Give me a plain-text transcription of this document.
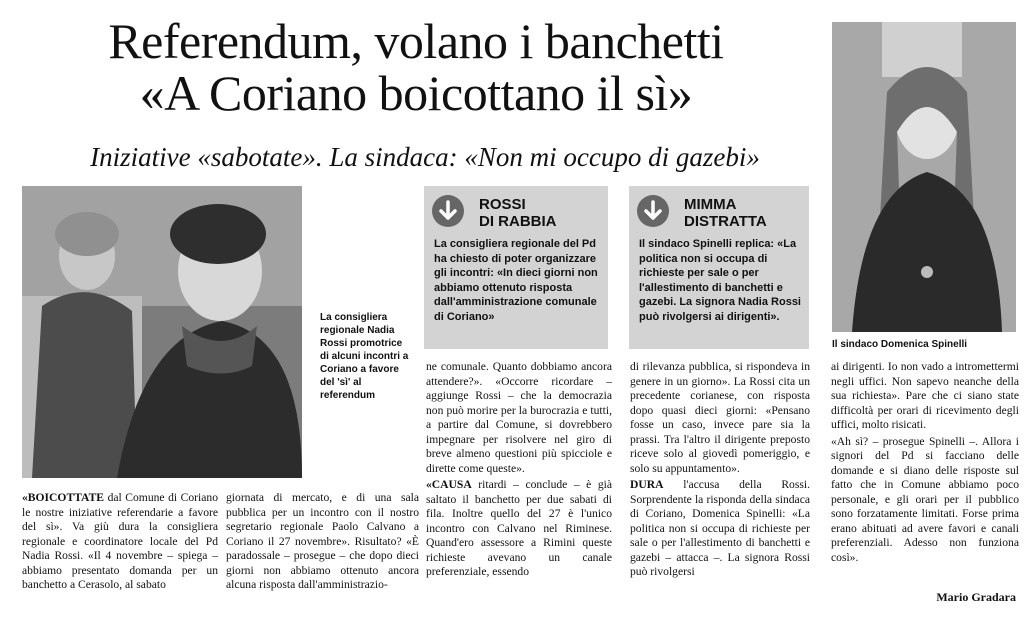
Referendum, volano i banchetti
«A Coriano boicottano il sì»
Iniziative «sabotate». La sindaca: «Non mi occupo di gazebi»
La consigliera regionale Nadia Rossi promotrice di alcuni incontri a Coriano a favore del 'sì' al referendum
Il sindaco Domenica Spinelli
ROSSI
DI RABBIA
La consigliera regionale del Pd ha chiesto di poter organizzare gli incontri: «In dieci giorni non abbiamo ottenuto risposta dall'amministrazione comunale di Coriano»
MIMMA
DISTRATTA
Il sindaco Spinelli replica: «La politica non si occupa di richieste per sale o per l'allestimento di banchetti e gazebi. La signora Nadia Rossi può rivolgersi ai dirigenti».

«BOICOTTATE dal Comune di Coriano le nostre iniziative referendarie a favore del sì». Va giù dura la consigliera regionale e coordinatore locale del Pd Nadia Rossi. «Il 4 novembre – spiega – abbiamo presentato domanda per un banchetto a Cerasolo, al sabato

giornata di mercato, e di una sala pubblica per un incontro con il nostro segretario regionale Paolo Calvano a Coriano il 27 novembre». Risultato? «È paradossale – prosegue – che dopo dieci giorni non abbiamo ottenuto ancora alcuna risposta dall'amministrazio-

ne comunale. Quanto dobbiamo ancora attendere?». «Occorre ricordare – aggiunge Rossi – che la democrazia non può morire per la burocrazia e tutti, a partire dal Comune, si dovrebbero impegnare per risolvere nel giro di breve almeno questioni più spicciole e dirette come queste».

«CAUSA ritardi – conclude – è già saltato il banchetto per due sabati di fila. Inoltre quello del 27 è l'unico incontro con Calvano nel Riminese. Quand'ero assessore a Rimini queste richieste avevano un canale preferenziale, essendo

di rilevanza pubblica, si rispondeva in genere in un giorno». La Rossi cita un precedente corianese, con risposta dopo quasi dieci giorni: «Pensano fosse un caso, invece pare sia la prassi. Tra l'altro il dirigente preposto riceve solo al giovedì pomeriggio, e solo su appuntamento».

DURA l'accusa della Rossi. Sorprendente la risponda della sindaca di Coriano, Domenica Spinelli: «La politica non si occupa di richieste per sale o per l'allestimento di banchetti e gazebi – attacca –. La signora Rossi può rivolgersi

ai dirigenti. Io non vado a intromettermi negli uffici. Non sapevo neanche della sua richiesta». Pare che ci siano state difficoltà per orari di ricevimento degli uffici, molto risicati.

«Ah sì? – prosegue Spinelli –. Allora i signori del Pd si facciano delle domande e si diano delle risposte sul fatto che in Comune abbiamo poco personale, e gli orari per il pubblico sono forzatamente limitati. Forse prima erano abituati ad avere favori e canali preferenziali. Adesso non funziona così».

Mario Gradara
